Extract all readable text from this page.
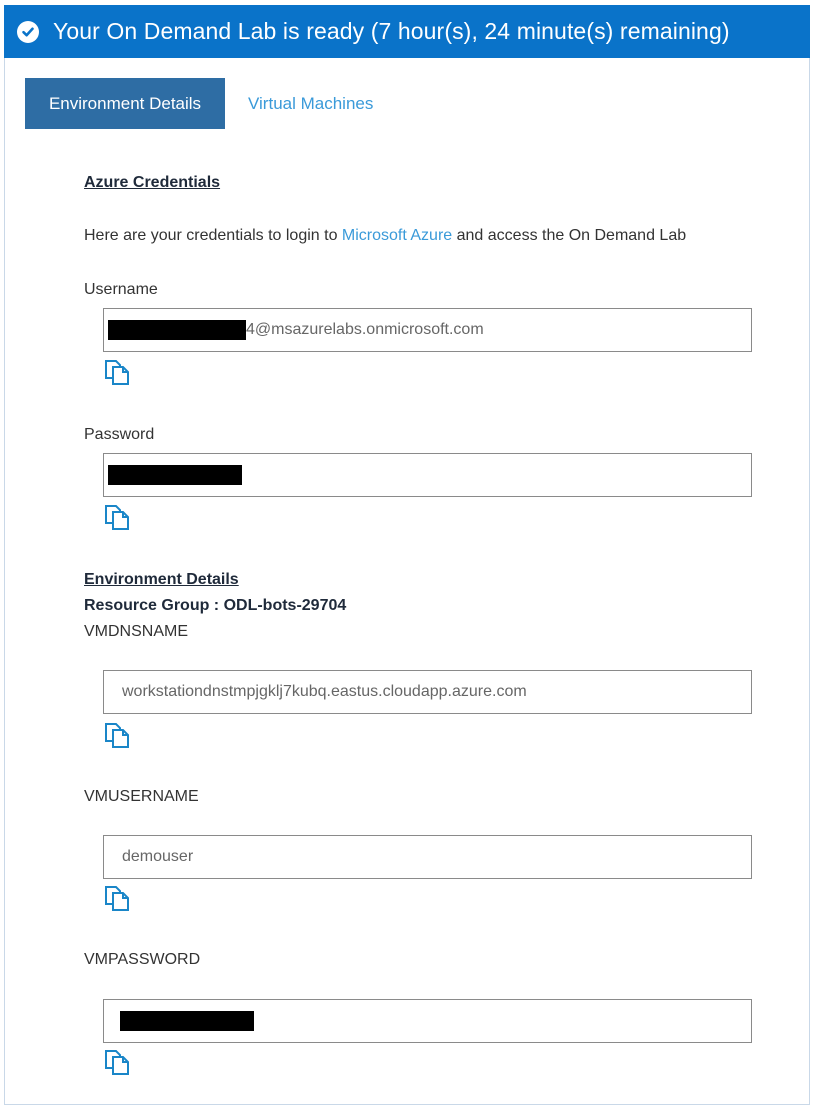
Your On Demand Lab is ready (7 hour(s), 24 minute(s) remaining)
Environment Details	Virtual Machines
Azure Credentials
Here are your credentials to login to Microsoft Azure and access the On Demand Lab
Username
4@msazurelabs.onmicrosoft.com
Password
Environment Details
Resource Group : ODL-bots-29704
VMDNSNAME
workstationdnstmpjgklj7kubq.eastus.cloudapp.azure.com
VMUSERNAME
demouser
VMPASSWORD
